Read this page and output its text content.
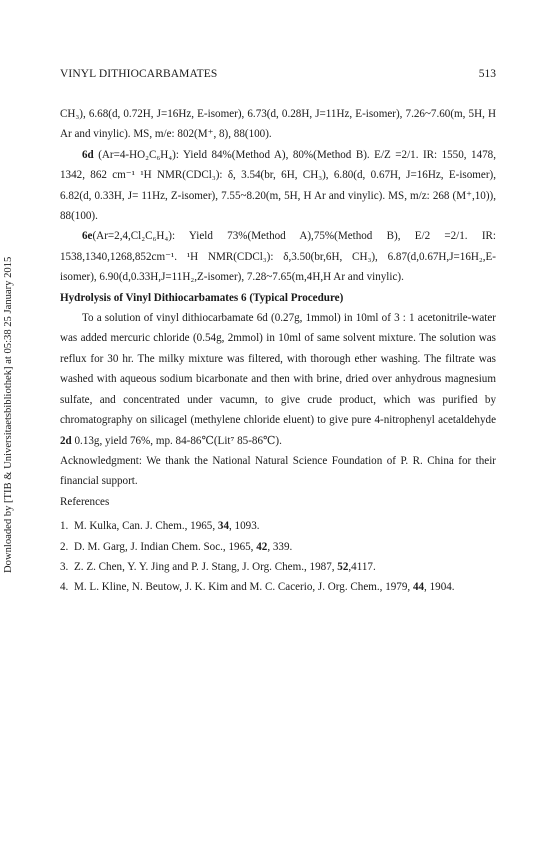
Downloaded by [TIB & Universitaetsbibliothek] at 05:38 25 January 2015
VINYL DITHIOCARBAMATES	513

CH₃), 6.68(d, 0.72H, J=16Hz, E-isomer), 6.73(d, 0.28H, J=11Hz, E-isomer), 7.26~7.60(m, 5H, H Ar and vinylic). MS, m/e: 802(M⁺, 8), 88(100).

6d (Ar=4-HO₂C₆H₄): Yield 84%(Method A), 80%(Method B). E/Z =2/1. IR: 1550, 1478, 1342, 862 cm⁻¹ ¹H NMR(CDCl₃): δ, 3.54(br, 6H, CH₃), 6.80(d, 0.67H, J=16Hz, E-isomer), 6.82(d, 0.33H, J= 11Hz, Z-isomer), 7.55~8.20(m, 5H, H Ar and vinylic). MS, m/z: 268 (M⁺,10)), 88(100).

6e(Ar=2,4,Cl₂C₆H₄): Yield 73%(Method A),75%(Method B), E/2 =2/1. IR: 1538,1340,1268,852cm⁻¹. ¹H NMR(CDCl₃): δ,3.50(br,6H, CH₃), 6.87(d,0.67H,J=16H₂,E-isomer), 6.90(d,0.33H,J=11H₂,Z-isomer), 7.28~7.65(m,4H,H Ar and vinylic).

Hydrolysis of Vinyl Dithiocarbamates 6 (Typical Procedure)

To a solution of vinyl dithiocarbamate 6d (0.27g, 1mmol) in 10ml of 3 : 1 acetonitrile-water was added mercuric chloride (0.54g, 2mmol) in 10ml of same solvent mixture. The solution was reflux for 30 hr. The milky mixture was filtered, with thorough ether washing. The filtrate was washed with aqueous sodium bicarbonate and then with brine, dried over anhydrous magnesium sulfate, and concentrated under vacumn, to give crude product, which was purified by chromatography on silicagel (methylene chloride eluent) to give pure 4-nitrophenyl acetaldehyde 2d 0.13g, yield 76%, mp. 84-86℃(Lit⁷ 85-86℃).

Acknowledgment: We thank the National Natural Science Foundation of P. R. China for their financial support.

References

1. M. Kulka, Can. J. Chem., 1965, 34, 1093.
2. D. M. Garg, J. Indian Chem. Soc., 1965, 42, 339.
3. Z. Z. Chen, Y. Y. Jing and P. J. Stang, J. Org. Chem., 1987, 52,4117.
4. M. L. Kline, N. Beutow, J. K. Kim and M. C. Cacerio, J. Org. Chem., 1979, 44, 1904.
